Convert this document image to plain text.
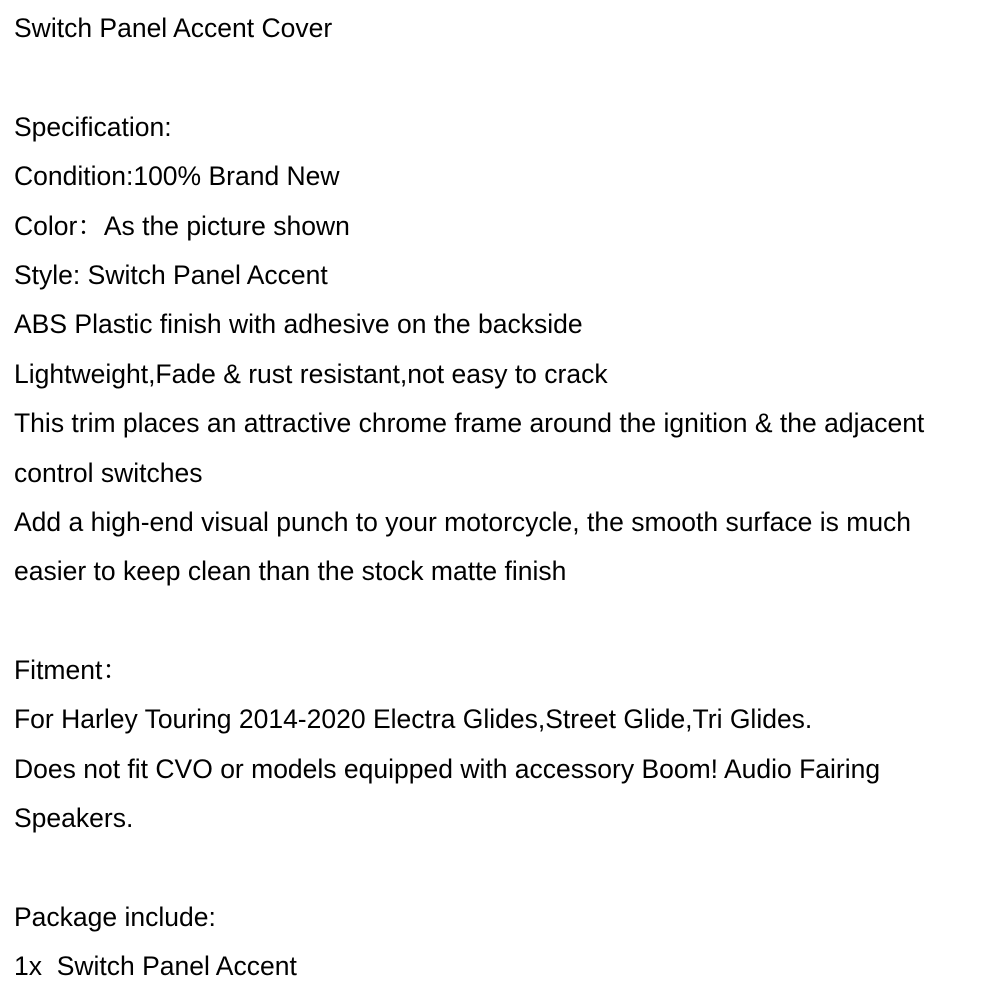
Switch Panel Accent Cover
Specification:
Condition:100% Brand New
Color：As the picture shown
Style: Switch Panel Accent
ABS Plastic finish with adhesive on the backside
Lightweight,Fade & rust resistant,not easy to crack
This trim places an attractive chrome frame around the ignition & the adjacent
control switches
Add a high-end visual punch to your motorcycle, the smooth surface is much
easier to keep clean than the stock matte finish
Fitment：
For Harley Touring 2014-2020 Electra Glides,Street Glide,Tri Glides.
Does not fit CVO or models equipped with accessory Boom! Audio Fairing
Speakers.
Package include:
1x  Switch Panel Accent
